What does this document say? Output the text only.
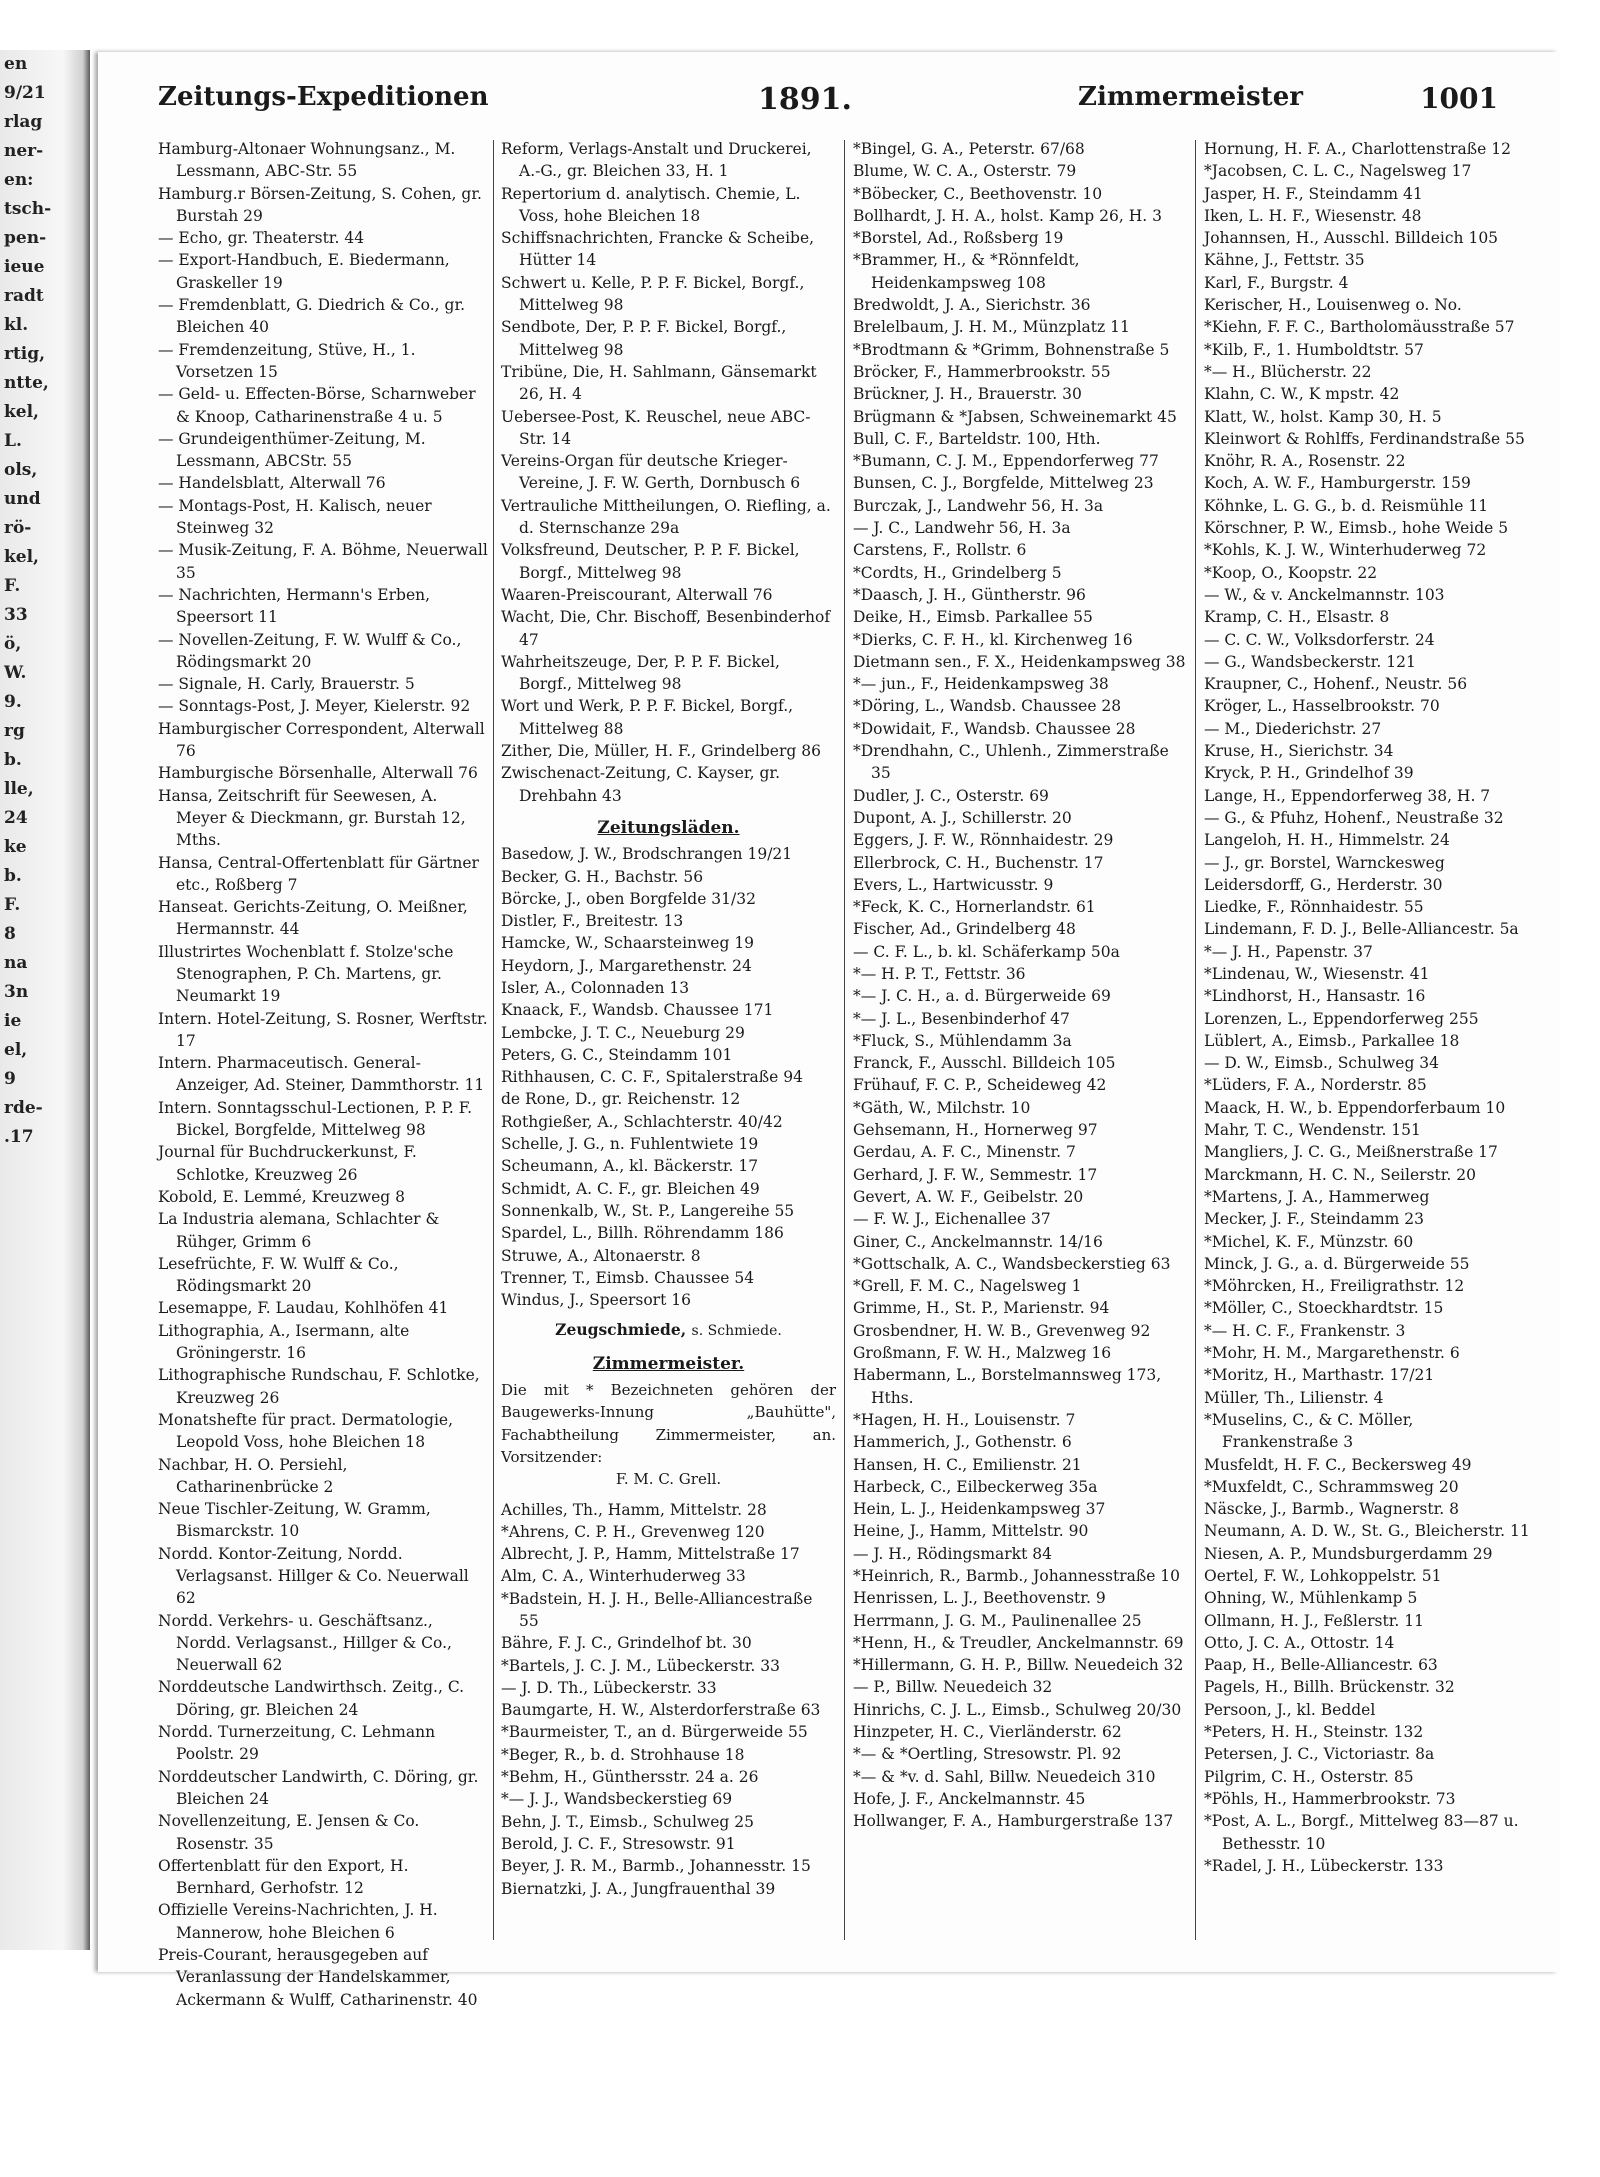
en
9/21
rlag
ner-
en:
tsch-
pen-
ieue
radt
kl.
rtig,
ntte,
kel,
L.
ols,
und
rö-
kel,
F.
33
ö,
W.
9.
rg
b.
lle,
24
ke
b.
F.
8
na
3n
ie
el,
9
rde-
.17
Zeitungs-Expeditionen	1891.	Zimmermeister	1001

Hamburg-Altonaer Wohnungsanz., M. Lessmann, ABC-Str. 55

Hamburg.r Börsen-Zeitung, S. Cohen, gr. Burstah 29

— Echo, gr. Theaterstr. 44

— Export-Handbuch, E. Biedermann, Graskeller 19

— Fremdenblatt, G. Diedrich & Co., gr. Bleichen 40

— Fremdenzeitung, Stüve, H., 1. Vorsetzen 15

— Geld- u. Effecten-Börse, Scharnweber & Knoop, Catharinenstraße 4 u. 5

— Grundeigenthümer-Zeitung, M. Lessmann, ABCStr. 55

— Handelsblatt, Alterwall 76

— Montags-Post, H. Kalisch, neuer Steinweg 32

— Musik-Zeitung, F. A. Böhme, Neuerwall 35

— Nachrichten, Hermann's Erben, Speersort 11

— Novellen-Zeitung, F. W. Wulff & Co., Rödingsmarkt 20

— Signale, H. Carly, Brauerstr. 5

— Sonntags-Post, J. Meyer, Kielerstr. 92

Hamburgischer Correspondent, Alterwall 76

Hamburgische Börsenhalle, Alterwall 76

Hansa, Zeitschrift für Seewesen, A. Meyer & Dieckmann, gr. Burstah 12, Mths.

Hansa, Central-Offertenblatt für Gärtner etc., Roßberg 7

Hanseat. Gerichts-Zeitung, O. Meißner, Hermannstr. 44

Illustrirtes Wochenblatt f. Stolze'sche Stenographen, P. Ch. Martens, gr. Neumarkt 19

Intern. Hotel-Zeitung, S. Rosner, Werftstr. 17

Intern. Pharmaceutisch. General-Anzeiger, Ad. Steiner, Dammthorstr. 11

Intern. Sonntagsschul-Lectionen, P. P. F. Bickel, Borgfelde, Mittelweg 98

Journal für Buchdruckerkunst, F. Schlotke, Kreuzweg 26

Kobold, E. Lemmé, Kreuzweg 8

La Industria alemana, Schlachter & Rühger, Grimm 6

Lesefrüchte, F. W. Wulff & Co., Rödingsmarkt 20

Lesemappe, F. Laudau, Kohlhöfen 41

Lithographia, A., Isermann, alte Gröningerstr. 16

Lithographische Rundschau, F. Schlotke, Kreuzweg 26

Monatshefte für pract. Dermatologie, Leopold Voss, hohe Bleichen 18

Nachbar, H. O. Persiehl, Catharinenbrücke 2

Neue Tischler-Zeitung, W. Gramm, Bismarckstr. 10

Nordd. Kontor-Zeitung, Nordd. Verlagsanst. Hillger & Co. Neuerwall 62

Nordd. Verkehrs- u. Geschäftsanz., Nordd. Verlagsanst., Hillger & Co., Neuerwall 62

Norddeutsche Landwirthsch. Zeitg., C. Döring, gr. Bleichen 24

Nordd. Turnerzeitung, C. Lehmann Poolstr. 29

Norddeutscher Landwirth, C. Döring, gr. Bleichen 24

Novellenzeitung, E. Jensen & Co. Rosenstr. 35

Offertenblatt für den Export, H. Bernhard, Gerhofstr. 12

Offizielle Vereins-Nachrichten, J. H. Mannerow, hohe Bleichen 6

Preis-Courant, herausgegeben auf Veranlassung der Handelskammer, Ackermann & Wulff, Catharinenstr. 40

Reform, Verlags-Anstalt und Druckerei, A.-G., gr. Bleichen 33, H. 1

Repertorium d. analytisch. Chemie, L. Voss, hohe Bleichen 18

Schiffsnachrichten, Francke & Scheibe, Hütter 14

Schwert u. Kelle, P. P. F. Bickel, Borgf., Mittelweg 98

Sendbote, Der, P. P. F. Bickel, Borgf., Mittelweg 98

Tribüne, Die, H. Sahlmann, Gänsemarkt 26, H. 4

Uebersee-Post, K. Reuschel, neue ABC-Str. 14

Vereins-Organ für deutsche Krieger-Vereine, J. F. W. Gerth, Dornbusch 6

Vertrauliche Mittheilungen, O. Riefling, a. d. Sternschanze 29a

Volksfreund, Deutscher, P. P. F. Bickel, Borgf., Mittelweg 98

Waaren-Preiscourant, Alterwall 76

Wacht, Die, Chr. Bischoff, Besenbinderhof 47

Wahrheitszeuge, Der, P. P. F. Bickel, Borgf., Mittelweg 98

Wort und Werk, P. P. F. Bickel, Borgf., Mittelweg 88

Zither, Die, Müller, H. F., Grindelberg 86

Zwischenact-Zeitung, C. Kayser, gr. Drehbahn 43

Zeitungsläden.

Basedow, J. W., Brodschrangen 19/21

Becker, G. H., Bachstr. 56

Börcke, J., oben Borgfelde 31/32

Distler, F., Breitestr. 13

Hamcke, W., Schaarsteinweg 19

Heydorn, J., Margarethenstr. 24

Isler, A., Colonnaden 13

Knaack, F., Wandsb. Chaussee 171

Lembcke, J. T. C., Neueburg 29

Peters, G. C., Steindamm 101

Rithhausen, C. C. F., Spitalerstraße 94

de Rone, D., gr. Reichenstr. 12

Rothgießer, A., Schlachterstr. 40/42

Schelle, J. G., n. Fuhlentwiete 19

Scheumann, A., kl. Bäckerstr. 17

Schmidt, A. C. F., gr. Bleichen 49

Sonnenkalb, W., St. P., Langereihe 55

Spardel, L., Billh. Röhrendamm 186

Struwe, A., Altonaerstr. 8

Trenner, T., Eimsb. Chaussee 54

Windus, J., Speersort 16

Zeugschmiede, s. Schmiede.
Zimmermeister.
Die mit * Bezeichneten gehören der Baugewerks-Innung „Bauhütte", Fachabtheilung Zimmermeister, an. Vorsitzender:
F. M. C. Grell.

Achilles, Th., Hamm, Mittelstr. 28

*Ahrens, C. P. H., Grevenweg 120

Albrecht, J. P., Hamm, Mittelstraße 17

Alm, C. A., Winterhuderweg 33

*Badstein, H. J. H., Belle-Alliancestraße 55

Bähre, F. J. C., Grindelhof bt. 30

*Bartels, J. C. J. M., Lübeckerstr. 33

— J. D. Th., Lübeckerstr. 33

Baumgarte, H. W., Alsterdorferstraße 63

*Baurmeister, T., an d. Bürgerweide 55

*Beger, R., b. d. Strohhause 18

*Behm, H., Günthersstr. 24 a. 26

*— J. J., Wandsbeckerstieg 69

Behn, J. T., Eimsb., Schulweg 25

Berold, J. C. F., Stresowstr. 91

Beyer, J. R. M., Barmb., Johannesstr. 15

Biernatzki, J. A., Jungfrauenthal 39

*Bingel, G. A., Peterstr. 67/68

Blume, W. C. A., Osterstr. 79

*Böbecker, C., Beethovenstr. 10

Bollhardt, J. H. A., holst. Kamp 26, H. 3

*Borstel, Ad., Roßsberg 19

*Brammer, H., & *Rönnfeldt, Heidenkampsweg 108

Bredwoldt, J. A., Sierichstr. 36

Brelelbaum, J. H. M., Münzplatz 11

*Brodtmann & *Grimm, Bohnenstraße 5

Bröcker, F., Hammerbrookstr. 55

Brückner, J. H., Brauerstr. 30

Brügmann & *Jabsen, Schweinemarkt 45

Bull, C. F., Barteldstr. 100, Hth.

*Bumann, C. J. M., Eppendorferweg 77

Bunsen, C. J., Borgfelde, Mittelweg 23

Burczak, J., Landwehr 56, H. 3a

— J. C., Landwehr 56, H. 3a

Carstens, F., Rollstr. 6

*Cordts, H., Grindelberg 5

*Daasch, J. H., Güntherstr. 96

Deike, H., Eimsb. Parkallee 55

*Dierks, C. F. H., kl. Kirchenweg 16

Dietmann sen., F. X., Heidenkampsweg 38

*— jun., F., Heidenkampsweg 38

*Döring, L., Wandsb. Chaussee 28

*Dowidait, F., Wandsb. Chaussee 28

*Drendhahn, C., Uhlenh., Zimmerstraße 35

Dudler, J. C., Osterstr. 69

Dupont, A. J., Schillerstr. 20

Eggers, J. F. W., Rönnhaidestr. 29

Ellerbrock, C. H., Buchenstr. 17

Evers, L., Hartwicusstr. 9

*Feck, K. C., Hornerlandstr. 61

Fischer, Ad., Grindelberg 48

— C. F. L., b. kl. Schäferkamp 50a

*— H. P. T., Fettstr. 36

*— J. C. H., a. d. Bürgerweide 69

*— J. L., Besenbinderhof 47

*Fluck, S., Mühlendamm 3a

Franck, F., Ausschl. Billdeich 105

Frühauf, F. C. P., Scheideweg 42

*Gäth, W., Milchstr. 10

Gehsemann, H., Hornerweg 97

Gerdau, A. F. C., Minenstr. 7

Gerhard, J. F. W., Semmestr. 17

Gevert, A. W. F., Geibelstr. 20

— F. W. J., Eichenallee 37

Giner, C., Anckelmannstr. 14/16

*Gottschalk, A. C., Wandsbeckerstieg 63

*Grell, F. M. C., Nagelsweg 1

Grimme, H., St. P., Marienstr. 94

Grosbendner, H. W. B., Grevenweg 92

Großmann, F. W. H., Malzweg 16

Habermann, L., Borstelmannsweg 173, Hths.

*Hagen, H. H., Louisenstr. 7

Hammerich, J., Gothenstr. 6

Hansen, H. C., Emilienstr. 21

Harbeck, C., Eilbeckerweg 35a

Hein, L. J., Heidenkampsweg 37

Heine, J., Hamm, Mittelstr. 90

— J. H., Rödingsmarkt 84

*Heinrich, R., Barmb., Johannesstraße 10

Henrissen, L. J., Beethovenstr. 9

Herrmann, J. G. M., Paulinenallee 25

*Henn, H., & Treudler, Anckelmannstr. 69

*Hillermann, G. H. P., Billw. Neuedeich 32

— P., Billw. Neuedeich 32

Hinrichs, C. J. L., Eimsb., Schulweg 20/30

Hinzpeter, H. C., Vierländerstr. 62

*— & *Oertling, Stresowstr. Pl. 92

*— & *v. d. Sahl, Billw. Neuedeich 310

Hofe, J. F., Anckelmannstr. 45

Hollwanger, F. A., Hamburgerstraße 137

Hornung, H. F. A., Charlottenstraße 12

*Jacobsen, C. L. C., Nagelsweg 17

Jasper, H. F., Steindamm 41

Iken, L. H. F., Wiesenstr. 48

Johannsen, H., Ausschl. Billdeich 105

Kähne, J., Fettstr. 35

Karl, F., Burgstr. 4

Kerischer, H., Louisenweg o. No.

*Kiehn, F. F. C., Bartholomäusstraße 57

*Kilb, F., 1. Humboldtstr. 57

*— H., Blücherstr. 22

Klahn, C. W., K mpstr. 42

Klatt, W., holst. Kamp 30, H. 5

Kleinwort & Rohlffs, Ferdinandstraße 55

Knöhr, R. A., Rosenstr. 22

Koch, A. W. F., Hamburgerstr. 159

Köhnke, L. G. G., b. d. Reismühle 11

Körschner, P. W., Eimsb., hohe Weide 5

*Kohls, K. J. W., Winterhuderweg 72

*Koop, O., Koopstr. 22

— W., & v. Anckelmannstr. 103

Kramp, C. H., Elsastr. 8

— C. C. W., Volksdorferstr. 24

— G., Wandsbeckerstr. 121

Kraupner, C., Hohenf., Neustr. 56

Kröger, L., Hasselbrookstr. 70

— M., Diederichstr. 27

Kruse, H., Sierichstr. 34

Kryck, P. H., Grindelhof 39

Lange, H., Eppendorferweg 38, H. 7

— G., & Pfuhz, Hohenf., Neustraße 32

Langeloh, H. H., Himmelstr. 24

— J., gr. Borstel, Warnckesweg

Leidersdorff, G., Herderstr. 30

Liedke, F., Rönnhaidestr. 55

Lindemann, F. D. J., Belle-Alliancestr. 5a

*— J. H., Papenstr. 37

*Lindenau, W., Wiesenstr. 41

*Lindhorst, H., Hansastr. 16

Lorenzen, L., Eppendorferweg 255

Lüblert, A., Eimsb., Parkallee 18

— D. W., Eimsb., Schulweg 34

*Lüders, F. A., Norderstr. 85

Maack, H. W., b. Eppendorferbaum 10

Mahr, T. C., Wendenstr. 151

Mangliers, J. C. G., Meißnerstraße 17

Marckmann, H. C. N., Seilerstr. 20

*Martens, J. A., Hammerweg

Mecker, J. F., Steindamm 23

*Michel, K. F., Münzstr. 60

Minck, J. G., a. d. Bürgerweide 55

*Möhrcken, H., Freiligrathstr. 12

*Möller, C., Stoeckhardtstr. 15

*— H. C. F., Frankenstr. 3

*Mohr, H. M., Margarethenstr. 6

*Moritz, H., Marthastr. 17/21

Müller, Th., Lilienstr. 4

*Muselins, C., & C. Möller, Frankenstraße 3

Musfeldt, H. F. C., Beckersweg 49

*Muxfeldt, C., Schrammsweg 20

Näscke, J., Barmb., Wagnerstr. 8

Neumann, A. D. W., St. G., Bleicherstr. 11

Niesen, A. P., Mundsburgerdamm 29

Oertel, F. W., Lohkoppelstr. 51

Ohning, W., Mühlenkamp 5

Ollmann, H. J., Feßlerstr. 11

Otto, J. C. A., Ottostr. 14

Paap, H., Belle-Alliancestr. 63

Pagels, H., Billh. Brückenstr. 32

Persoon, J., kl. Beddel

*Peters, H. H., Steinstr. 132

Petersen, J. C., Victoriastr. 8a

Pilgrim, C. H., Osterstr. 85

*Pöhls, H., Hammerbrookstr. 73

*Post, A. L., Borgf., Mittelweg 83—87 u. Bethesstr. 10

*Radel, J. H., Lübeckerstr. 133
